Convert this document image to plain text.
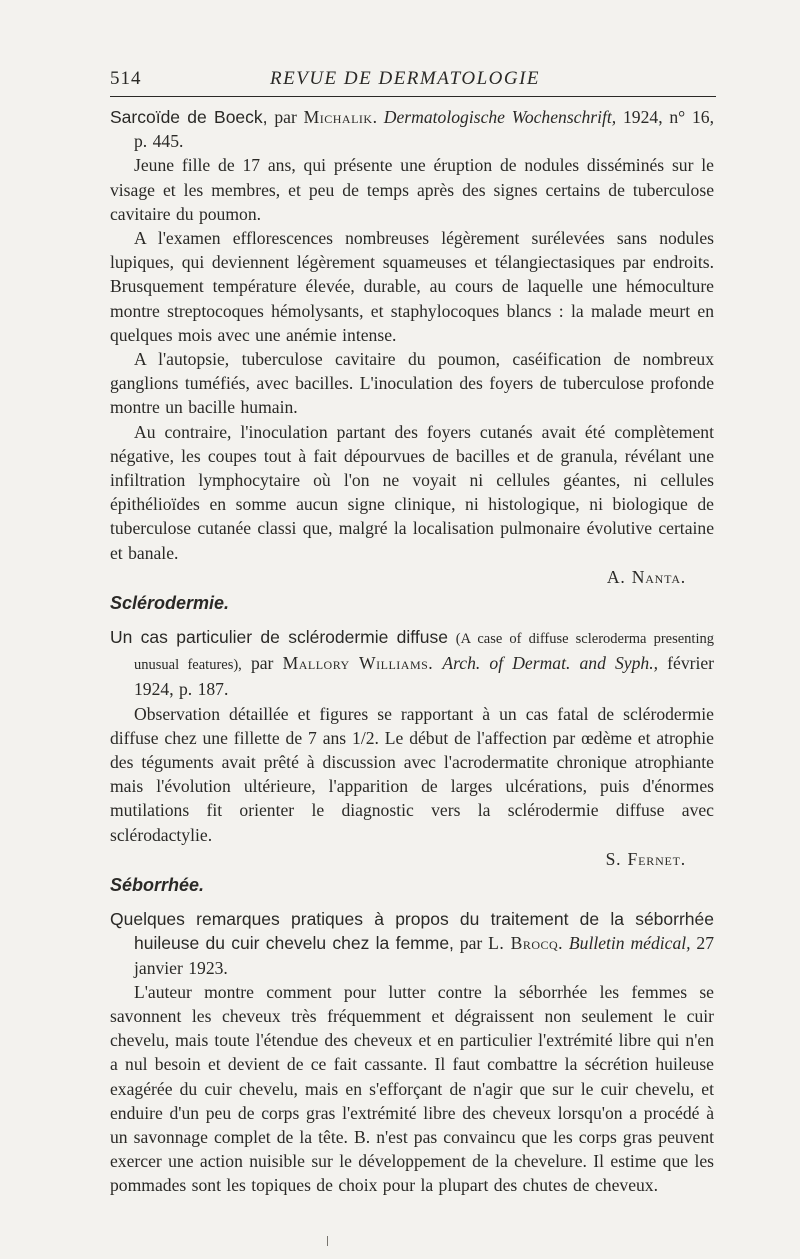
514	REVUE DE DERMATOLOGIE

Sarcoïde de Boeck, par Michalik. Dermatologische Wochenschrift, 1924, n° 16, p. 445.

Jeune fille de 17 ans, qui présente une éruption de nodules disséminés sur le visage et les membres, et peu de temps après des signes certains de tuberculose cavitaire du poumon.

A l'examen efflorescences nombreuses légèrement surélevées sans nodules lupiques, qui deviennent légèrement squameuses et télangiectasiques par endroits. Brusquement température élevée, durable, au cours de laquelle une hémoculture montre streptocoques hémolysants, et staphylocoques blancs : la malade meurt en quelques mois avec une anémie intense.

A l'autopsie, tuberculose cavitaire du poumon, caséification de nombreux ganglions tuméfiés, avec bacilles. L'inoculation des foyers de tuberculose profonde montre un bacille humain.

Au contraire, l'inoculation partant des foyers cutanés avait été complètement négative, les coupes tout à fait dépourvues de bacilles et de granula, révélant une infiltration lymphocytaire où l'on ne voyait ni cellules géantes, ni cellules épithélioïdes en somme aucun signe clinique, ni histologique, ni biologique de tuberculose cutanée classi que, malgré la localisation pulmonaire évolutive certaine et banale.

A. Nanta.

Sclérodermie.

Un cas particulier de sclérodermie diffuse (A case of diffuse scleroderma presenting unusual features), par Mallory Williams. Arch. of Dermat. and Syph., février 1924, p. 187.

Observation détaillée et figures se rapportant à un cas fatal de sclérodermie diffuse chez une fillette de 7 ans 1/2. Le début de l'affection par œdème et atrophie des téguments avait prêté à discussion avec l'acrodermatite chronique atrophiante mais l'évolution ultérieure, l'apparition de larges ulcérations, puis d'énormes mutilations fit orienter le diagnostic vers la sclérodermie diffuse avec sclérodactylie.

S. Fernet.

Séborrhée.

Quelques remarques pratiques à propos du traitement de la séborrhée huileuse du cuir chevelu chez la femme, par L. Brocq. Bulletin médical, 27 janvier 1923.

L'auteur montre comment pour lutter contre la séborrhée les femmes se savonnent les cheveux très fréquemment et dégraissent non seulement le cuir chevelu, mais toute l'étendue des cheveux et en particulier l'extrémité libre qui n'en a nul besoin et devient de ce fait cassante. Il faut combattre la sécrétion huileuse exagérée du cuir chevelu, mais en s'efforçant de n'agir que sur le cuir chevelu, et enduire d'un peu de corps gras l'extrémité libre des cheveux lorsqu'on a procédé à un savonnage complet de la tête. B. n'est pas convaincu que les corps gras peuvent exercer une action nuisible sur le développement de la chevelure. Il estime que les pommades sont les topiques de choix pour la plupart des chutes de cheveux.
